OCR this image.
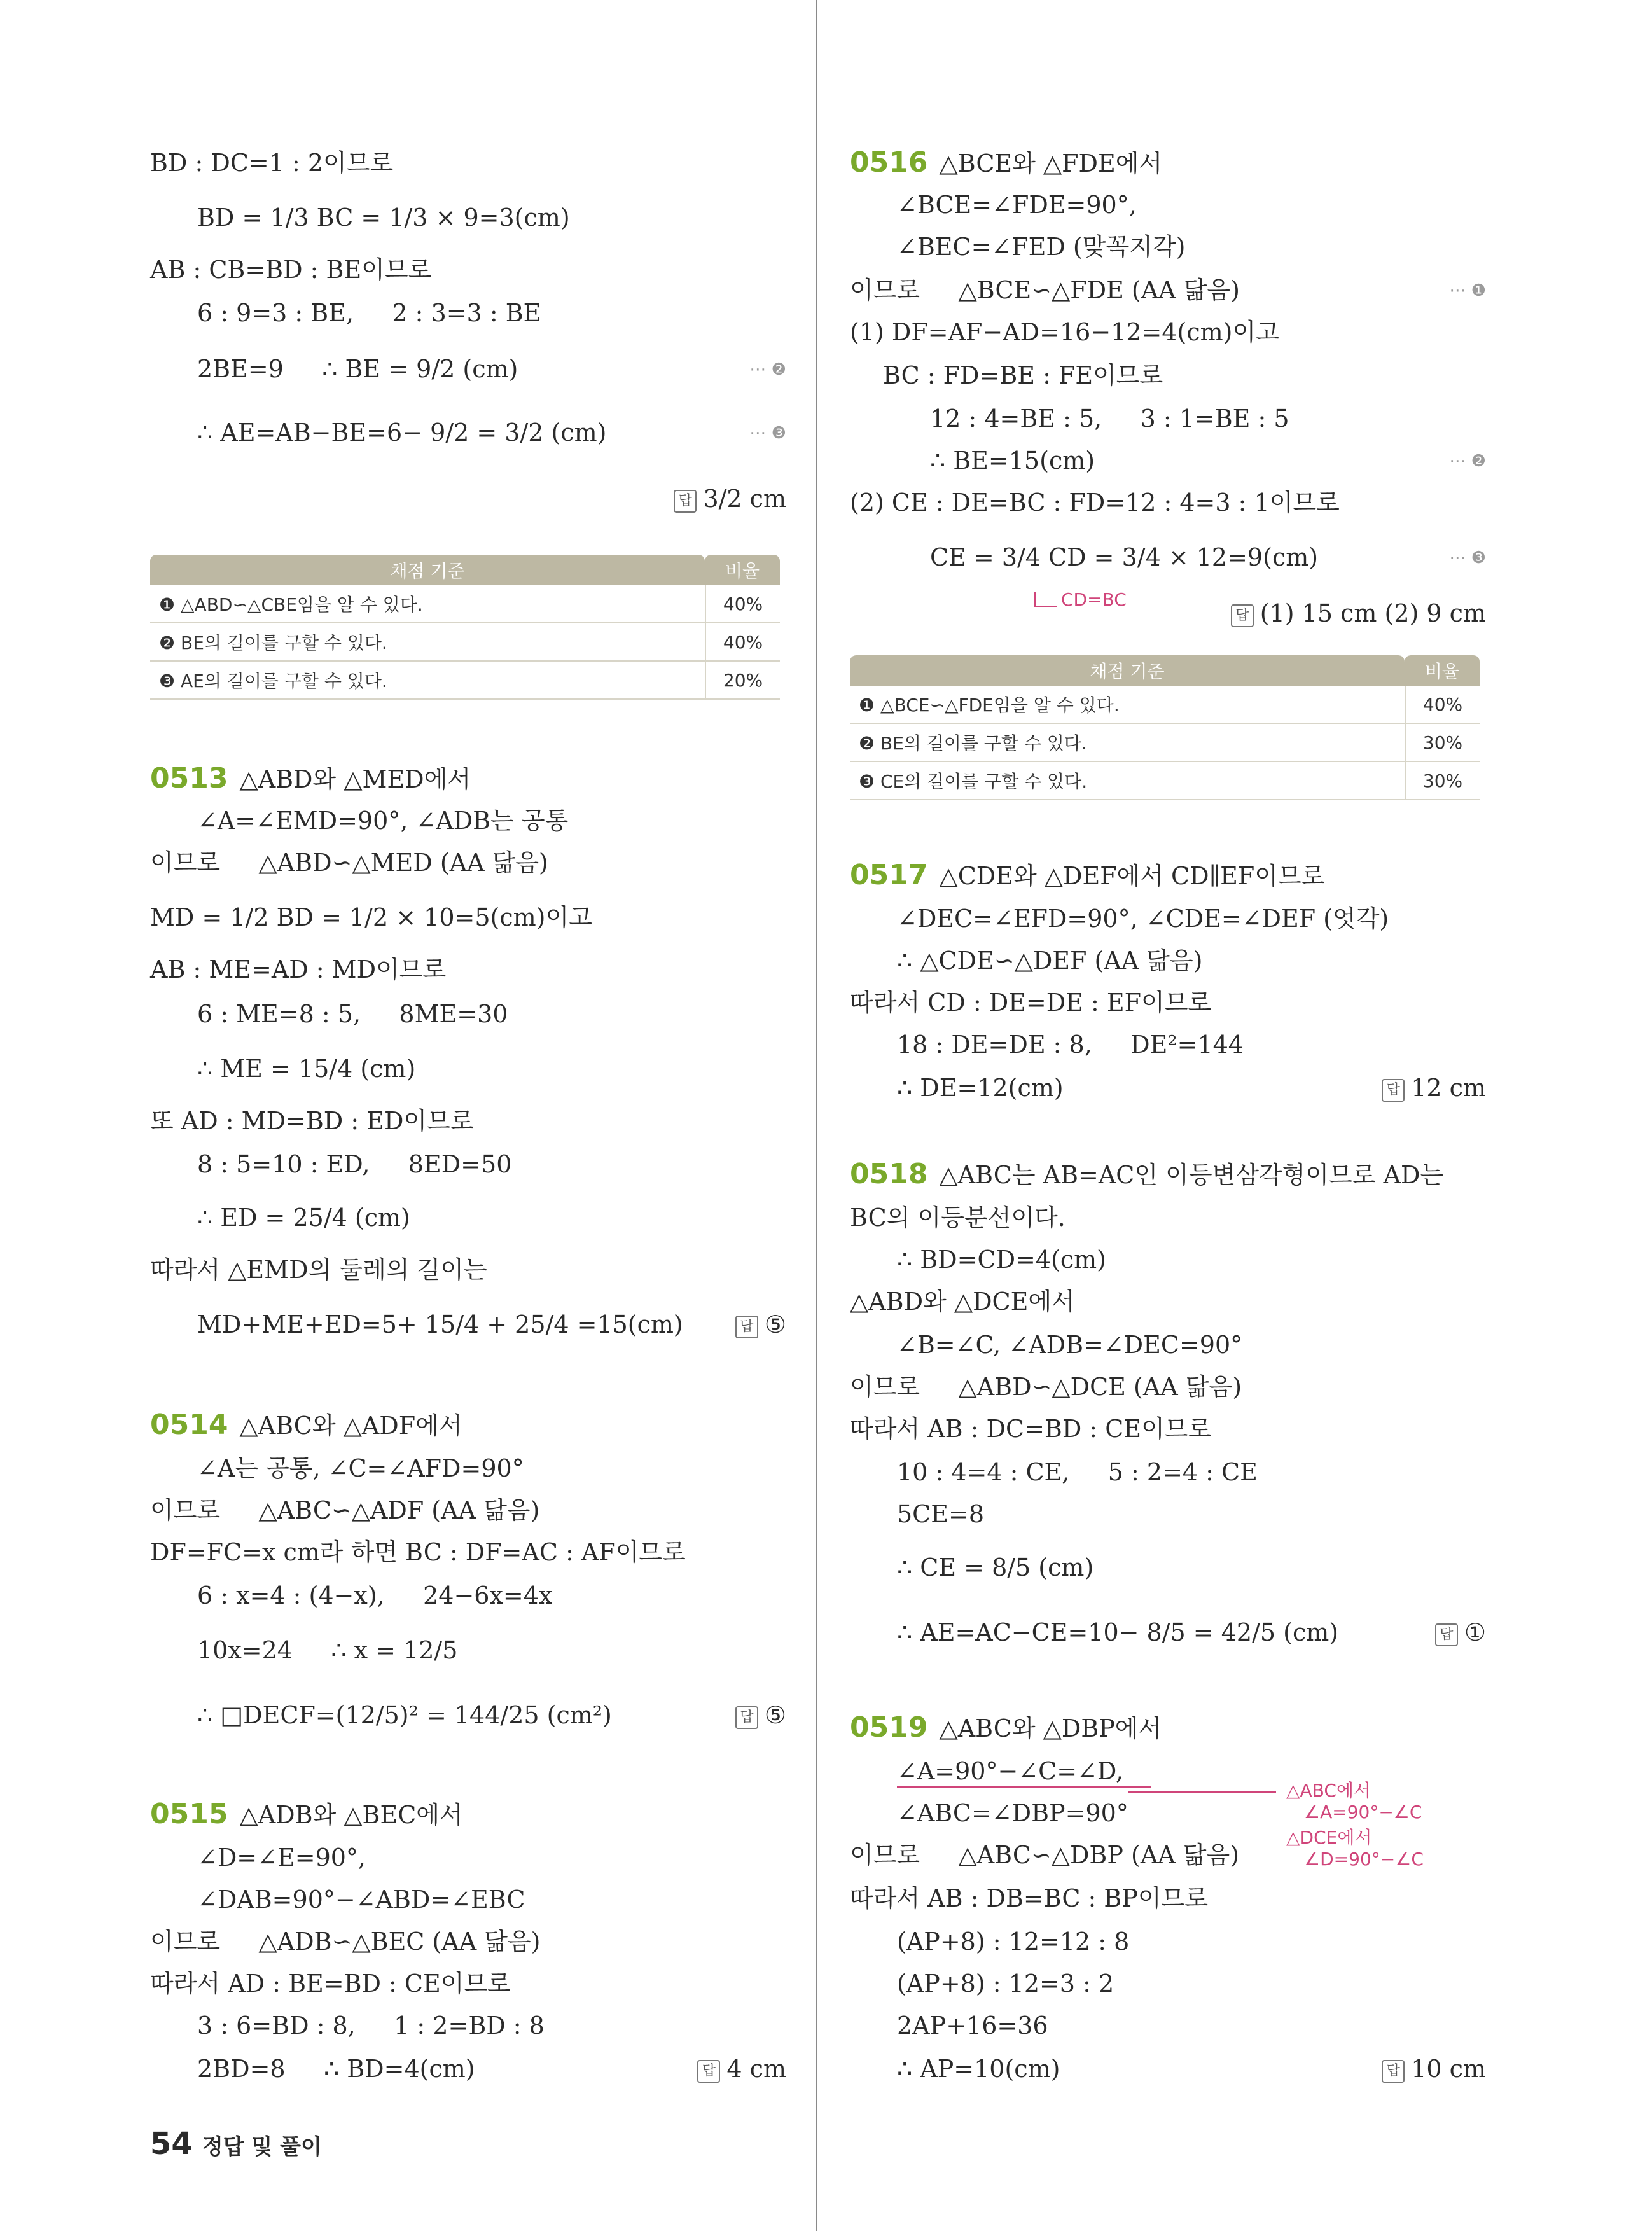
BD : DC=1 : 2이므로
BD = 1/3 BC = 1/3 × 9=3(cm)
AB : CB=BD : BE이므로
6 : 9=3 : BE,     2 : 3=3 : BE
2BE=9     ∴ BE = 9/2 (cm)	⋯ ❷
∴ AE=AB−BE=6− 9/2 = 3/2 (cm)	⋯ ❸
답 3/2 cm
채점 기준	비율
❶ △ABD∽△CBE임을 알 수 있다.	40%
❷ BE의 길이를 구할 수 있다.	40%
❸ AE의 길이를 구할 수 있다.	20%
0513 △ABD와 △MED에서
∠A=∠EMD=90°, ∠ADB는 공통
이므로     △ABD∽△MED (AA 닮음)
MD = 1/2 BD = 1/2 × 10=5(cm)이고
AB : ME=AD : MD이므로
6 : ME=8 : 5,     8ME=30
∴ ME = 15/4 (cm)
또 AD : MD=BD : ED이므로
8 : 5=10 : ED,     8ED=50
∴ ED = 25/4 (cm)
따라서 △EMD의 둘레의 길이는
MD+ME+ED=5+ 15/4 + 25/4 =15(cm)	답 ⑤
0514 △ABC와 △ADF에서
∠A는 공통, ∠C=∠AFD=90°
이므로     △ABC∽△ADF (AA 닮음)
DF=FC=x cm라 하면 BC : DF=AC : AF이므로
6 : x=4 : (4−x),     24−6x=4x
10x=24     ∴ x = 12/5
∴ □DECF=(12/5)² = 144/25 (cm²)	답 ⑤
0515 △ADB와 △BEC에서
∠D=∠E=90°,
∠DAB=90°−∠ABD=∠EBC
이므로     △ADB∽△BEC (AA 닮음)
따라서 AD : BE=BD : CE이므로
3 : 6=BD : 8,     1 : 2=BD : 8
2BD=8     ∴ BD=4(cm)	답 4 cm
0516 △BCE와 △FDE에서
∠BCE=∠FDE=90°,
∠BEC=∠FED (맞꼭지각)
이므로     △BCE∽△FDE (AA 닮음)	⋯ ❶
(1) DF=AF−AD=16−12=4(cm)이고
BC : FD=BE : FE이므로
12 : 4=BE : 5,     3 : 1=BE : 5
∴ BE=15(cm)	⋯ ❷
(2) CE : DE=BC : FD=12 : 4=3 : 1이므로
CE = 3/4 CD = 3/4 × 12=9(cm)	⋯ ❸
CD=BC
답 (1) 15 cm (2) 9 cm
채점 기준	비율
❶ △BCE∽△FDE임을 알 수 있다.	40%
❷ BE의 길이를 구할 수 있다.	30%
❸ CE의 길이를 구할 수 있다.	30%
0517 △CDE와 △DEF에서 CD∥EF이므로
∠DEC=∠EFD=90°, ∠CDE=∠DEF (엇각)
∴ △CDE∽△DEF (AA 닮음)
따라서 CD : DE=DE : EF이므로
18 : DE=DE : 8,     DE²=144
∴ DE=12(cm)	답 12 cm
0518 △ABC는 AB=AC인 이등변삼각형이므로 AD는
BC의 이등분선이다.
∴ BD=CD=4(cm)
△ABD와 △DCE에서
∠B=∠C, ∠ADB=∠DEC=90°
이므로     △ABD∽△DCE (AA 닮음)
따라서 AB : DC=BD : CE이므로
10 : 4=4 : CE,     5 : 2=4 : CE
5CE=8
∴ CE = 8/5 (cm)
∴ AE=AC−CE=10− 8/5 = 42/5 (cm)	답 ①
0519 △ABC와 △DBP에서
∠A=90°−∠C=∠D,
∠ABC=∠DBP=90°
이므로     △ABC∽△DBP (AA 닮음)
△ABC에서
∠A=90°−∠C
△DCE에서
∠D=90°−∠C
따라서 AB : DB=BC : BP이므로
(AP+8) : 12=12 : 8
(AP+8) : 12=3 : 2
2AP+16=36
∴ AP=10(cm)	답 10 cm
54 정답 및 풀이
